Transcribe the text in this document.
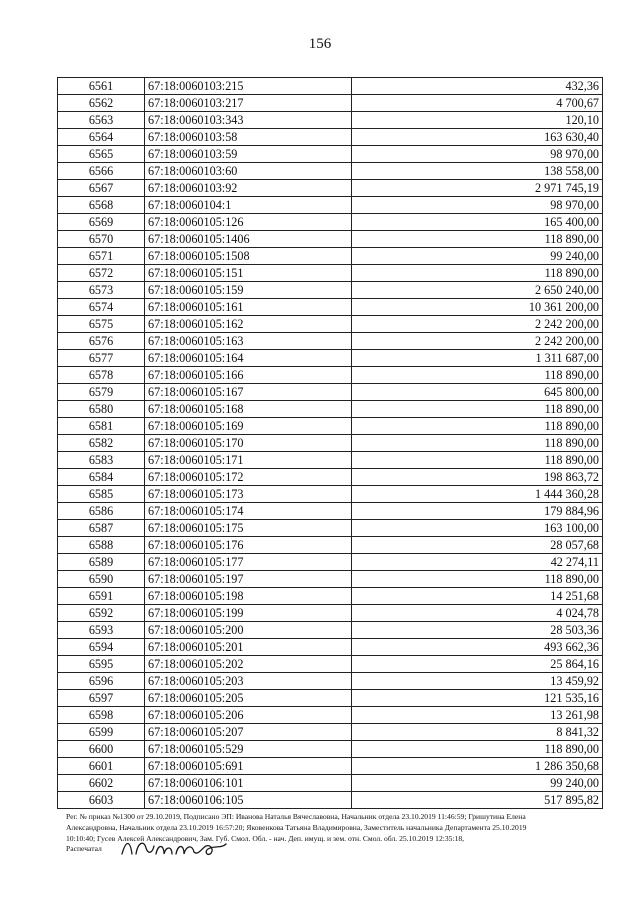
156
6561	67:18:0060103:215	432,36
6562	67:18:0060103:217	4 700,67
6563	67:18:0060103:343	120,10
6564	67:18:0060103:58	163 630,40
6565	67:18:0060103:59	98 970,00
6566	67:18:0060103:60	138 558,00
6567	67:18:0060103:92	2 971 745,19
6568	67:18:0060104:1	98 970,00
6569	67:18:0060105:126	165 400,00
6570	67:18:0060105:1406	118 890,00
6571	67:18:0060105:1508	99 240,00
6572	67:18:0060105:151	118 890,00
6573	67:18:0060105:159	2 650 240,00
6574	67:18:0060105:161	10 361 200,00
6575	67:18:0060105:162	2 242 200,00
6576	67:18:0060105:163	2 242 200,00
6577	67:18:0060105:164	1 311 687,00
6578	67:18:0060105:166	118 890,00
6579	67:18:0060105:167	645 800,00
6580	67:18:0060105:168	118 890,00
6581	67:18:0060105:169	118 890,00
6582	67:18:0060105:170	118 890,00
6583	67:18:0060105:171	118 890,00
6584	67:18:0060105:172	198 863,72
6585	67:18:0060105:173	1 444 360,28
6586	67:18:0060105:174	179 884,96
6587	67:18:0060105:175	163 100,00
6588	67:18:0060105:176	28 057,68
6589	67:18:0060105:177	42 274,11
6590	67:18:0060105:197	118 890,00
6591	67:18:0060105:198	14 251,68
6592	67:18:0060105:199	4 024,78
6593	67:18:0060105:200	28 503,36
6594	67:18:0060105:201	493 662,36
6595	67:18:0060105:202	25 864,16
6596	67:18:0060105:203	13 459,92
6597	67:18:0060105:205	121 535,16
6598	67:18:0060105:206	13 261,98
6599	67:18:0060105:207	8 841,32
6600	67:18:0060105:529	118 890,00
6601	67:18:0060105:691	1 286 350,68
6602	67:18:0060106:101	99 240,00
6603	67:18:0060106:105	517 895,82
Рег. № приказ №1300 от 29.10.2019, Подписано ЭП: Иванова Наталья Вячеславовна, Начальник отдела 23.10.2019 11:46:59; Гришутина Елена
Александровна, Начальник отдела 23.10.2019 16:57:20; Яковенкова Татьяна Владимировна, Заместитель начальника Департамента 25.10.2019
10:10:40; Гусев Алексей Александрович, Зам. Губ. Смол. Обл. - нач. Деп. имущ. и зем. отн. Смол. обл. 25.10.2019 12:35:18,
Распечатал
